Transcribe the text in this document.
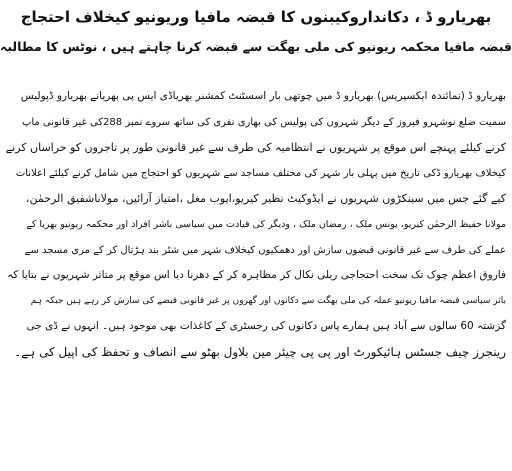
بھریارو ڈ ، دکانداروکیبنوں کا قبضہ مافیا وریونیو کیخلاف احتجاج
قبضہ مافیا محکمہ ریونیو کی ملی بھگت سے قبضہ کرنا چاہتے ہیں ، نوٹس کا مطالبہ
بھریارو ڈ (نمائندہ ایکسپریس) بھریارو ڈ میں چوتھی بار اسسٹنٹ کمشنر بھریاڈی ایس پی بھریانے بھریارو ڈپولیس
سمیت ضلع نوشہرو فیروز کے دیگر شہروں کی پولیس کی بھاری نفری کی ساتھ سروے نمبر 288کی غیر قانونی ماپ
کرنے کیلئے پہنچے اس موقع پر شہریوں نے انتظامیہ کی طرف سے غیر قانونی طور پر تاجروں کو حراساں کرنے
کیخلاف بھریارو ڈکی تاریخ میں پہلی بار شہر کی مختلف مساجد سے شہریوں کو احتجاج میں شامل کرنے کیلئے اعلانات
کیے گئے جس میں سینکڑوں شہریوں نے ایڈوکیٹ نظیر کیریو،ایوب مغل ،امتیاز آرائیں، مولاناشفیق الرحمٰن،
مولانا حفیظ الرحمٰن کیریو، یونس ملک ، رمضان ملک ، ودیگر کی قیادت میں سیاسی باشر افراد اور محکمہ ریونیو بھریا کے
عملے کی طرف سے غیر قانونی قبضوں سازش اور دھمکیوں کیخلاف شہر میں شٹر بند ہڑتال کر کے مری مسجد سے
فاروق اعظم چوک تک سخت احتجاجی ریلی نکال کر مظاہرہ کر کے دھرنا دیا اس موقع پر متاثر شہریوں نے بتایا کہ
باثر سیاسی قبضہ مافیا ریونیو عملہ کی ملی بھگت سے دکانوں اور گھروں پر غیر قانونی قبضے کی سازش کر رہے ہیں جبکہ ہم
گزشتہ 60 سالوں سے آباد ہیں ہمارے پاس دکانوں کی رجسٹری کے کاغذات بھی موجود ہیں۔ انہوں نے ڈی جی
رینجرز چیف جسٹس ہائیکورٹ اور پی پی چیئر مین بلاول بھٹو سے انصاف و تحفظ کی اپیل کی ہے۔
